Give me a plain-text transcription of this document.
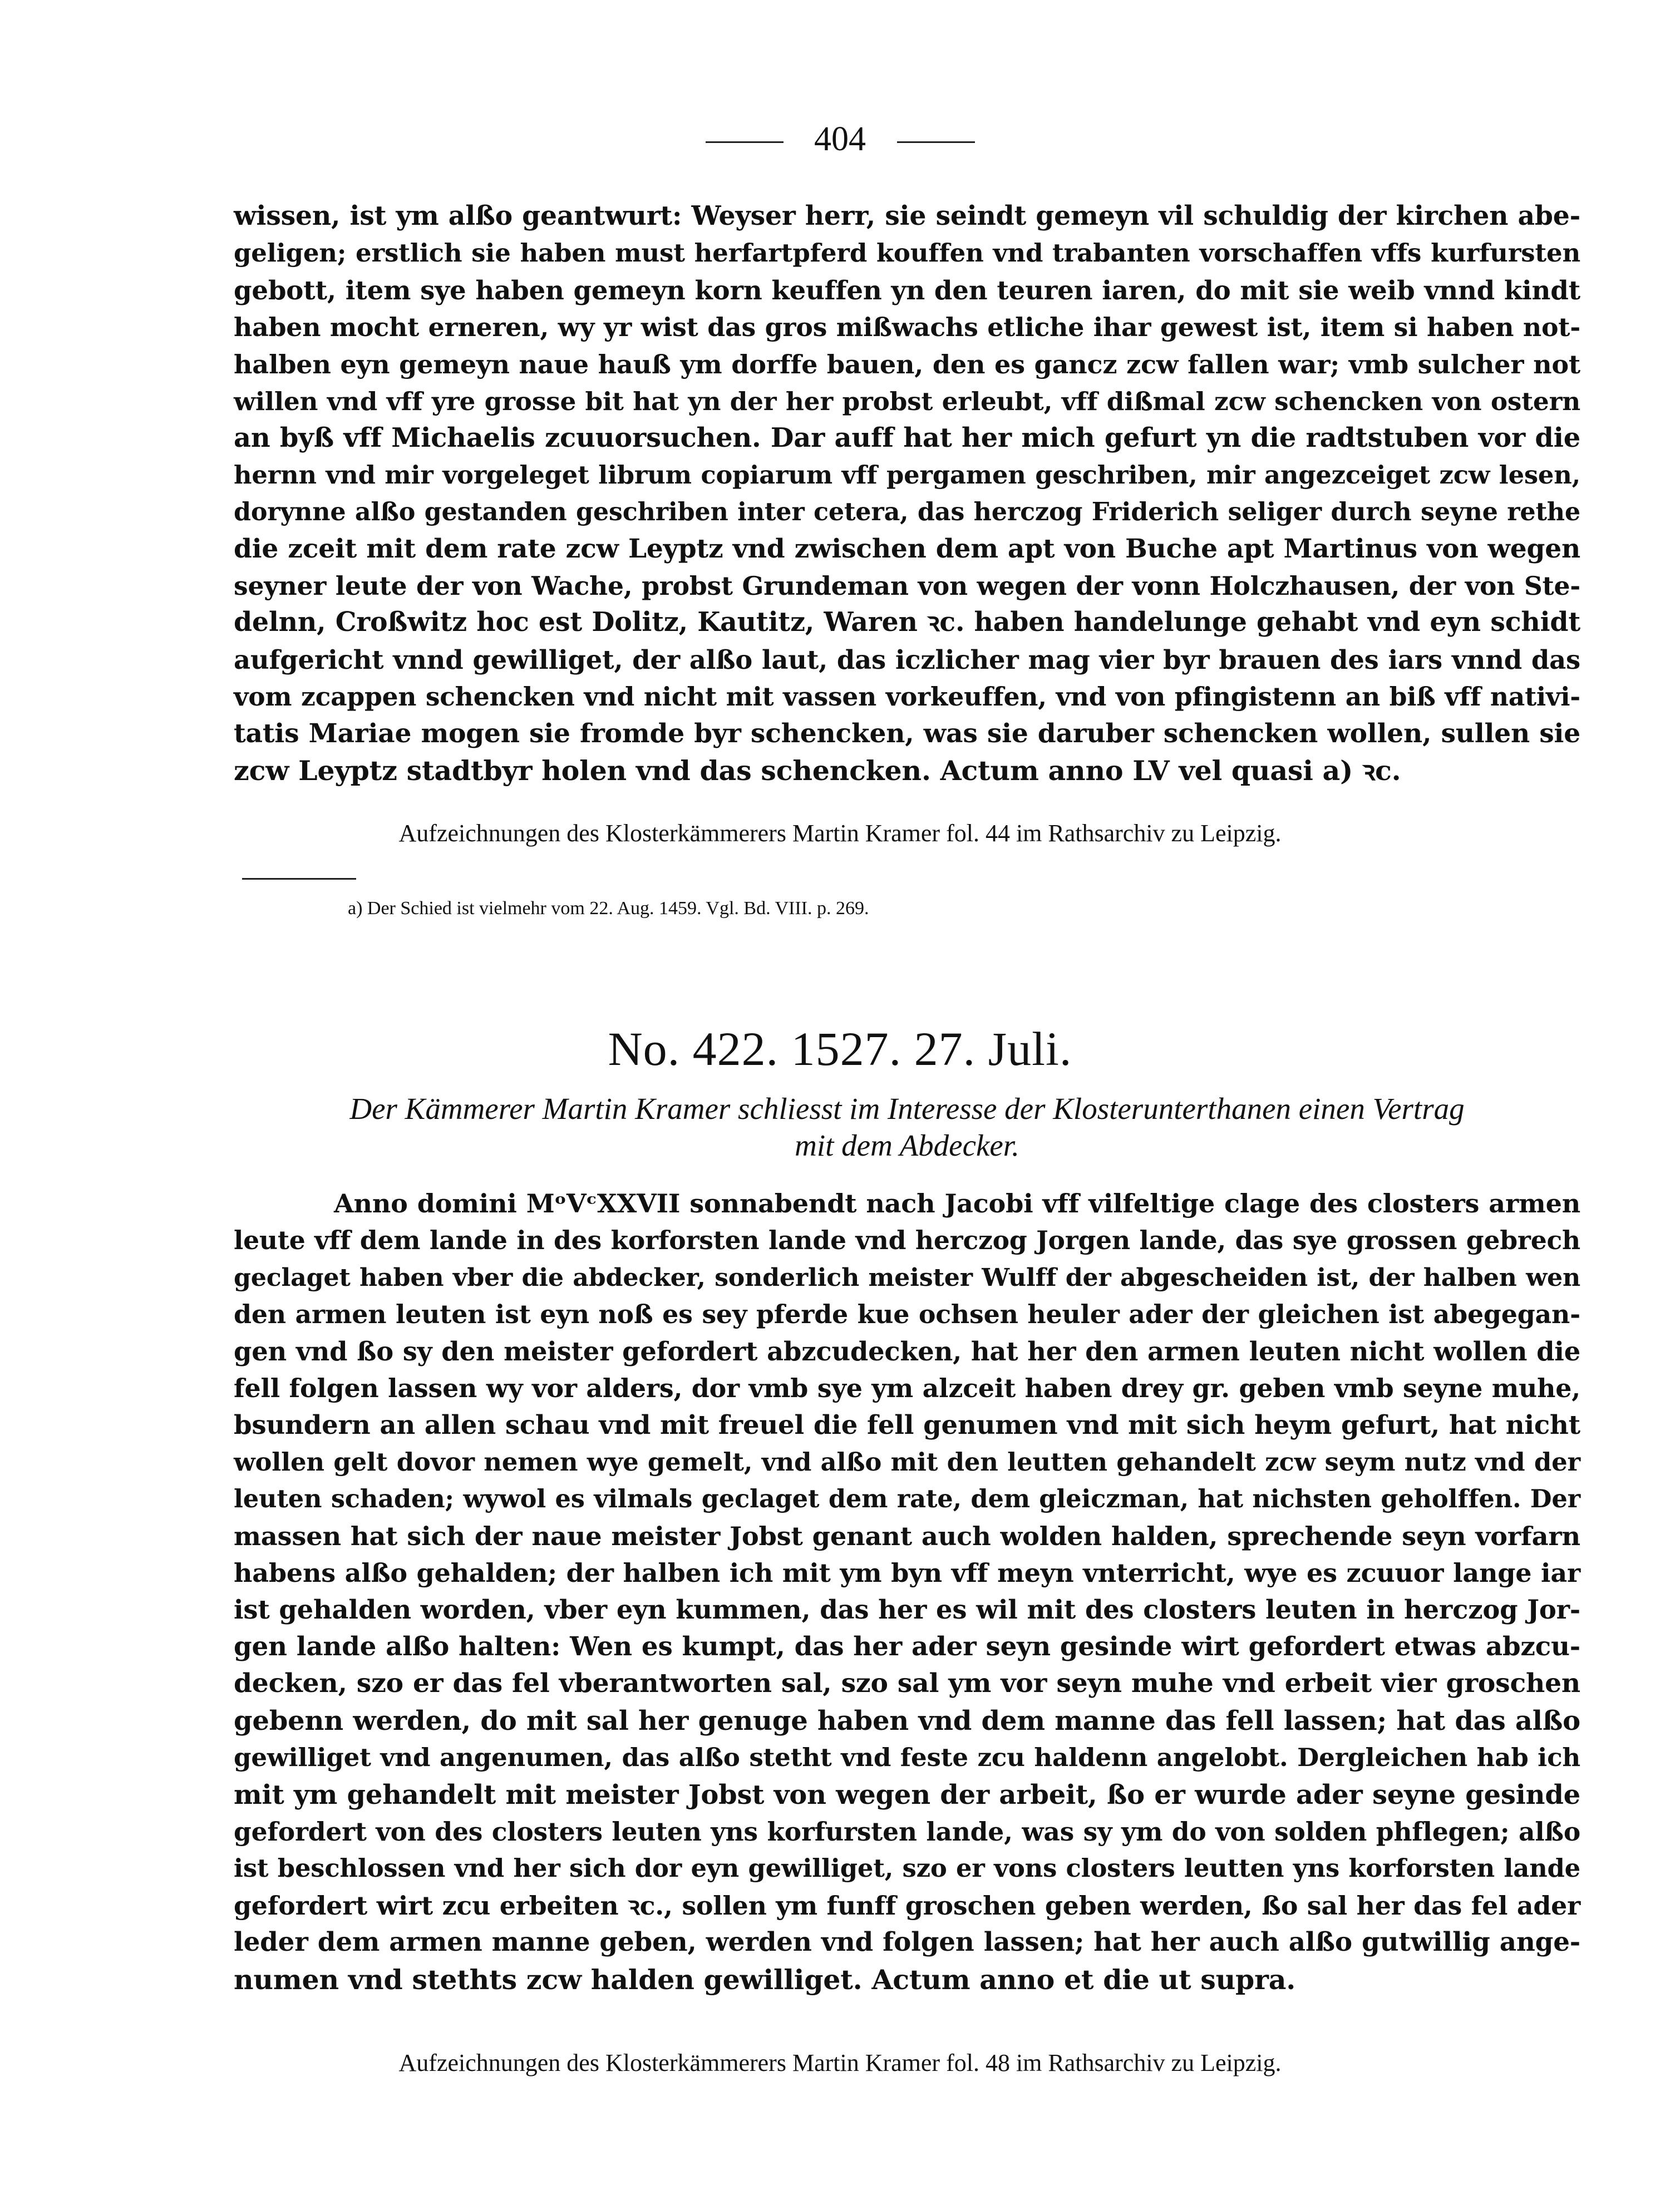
404
wissen, ist ym alßo geantwurt: Weyser herr, sie seindt gemeyn vil schuldig der kirchen abe-
geligen; erstlich sie haben must herfartpferd kouffen vnd trabanten vorschaffen vffs kurfursten
gebott, item sye haben gemeyn korn keuffen yn den teuren iaren, do mit sie weib vnnd kindt
haben mocht erneren, wy yr wist das gros mißwachs etliche ihar gewest ist, item si haben not-
halben eyn gemeyn naue hauß ym dorffe bauen, den es gancz zcw fallen war; vmb sulcher not
willen vnd vff yre grosse bit hat yn der her probst erleubt, vff dißmal zcw schencken von ostern
an byß vff Michaelis zcuuorsuchen. Dar auff hat her mich gefurt yn die radtstuben vor die
hernn vnd mir vorgeleget librum copiarum vff pergamen geschriben, mir angezceiget zcw lesen,
dorynne alßo gestanden geschriben inter cetera, das herczog Friderich seliger durch seyne rethe
die zceit mit dem rate zcw Leyptz vnd zwischen dem apt von Buche apt Martinus von wegen
seyner leute der von Wache, probst Grundeman von wegen der vonn Holczhausen, der von Ste-
delnn, Croßwitz hoc est Dolitz, Kautitz, Waren ꝛc. haben handelunge gehabt vnd eyn schidt
aufgericht vnnd gewilliget, der alßo laut, das iczlicher mag vier byr brauen des iars vnnd das
vom zcappen schencken vnd nicht mit vassen vorkeuffen, vnd von pfingistenn an biß vff nativi-
tatis Mariae mogen sie fromde byr schencken, was sie daruber schencken wollen, sullen sie
zcw Leyptz stadtbyr holen vnd das schencken. Actum anno LV vel quasi a) ꝛc.
Aufzeichnungen des Klosterkämmerers Martin Kramer fol. 44 im Rathsarchiv zu Leipzig.
a) Der Schied ist vielmehr vom 22. Aug. 1459. Vgl. Bd. VIII. p. 269.
No. 422. 1527. 27. Juli.
Der Kämmerer Martin Kramer schliesst im Interesse der Klosterunterthanen einen Vertrag
mit dem Abdecker.
Anno domini MᵒVᶜXXVII sonnabendt nach Jacobi vff vilfeltige clage des closters armen
leute vff dem lande in des korforsten lande vnd herczog Jorgen lande, das sye grossen gebrech
geclaget haben vber die abdecker, sonderlich meister Wulff der abgescheiden ist, der halben wen
den armen leuten ist eyn noß es sey pferde kue ochsen heuler ader der gleichen ist abegegan-
gen vnd ßo sy den meister gefordert abzcudecken, hat her den armen leuten nicht wollen die
fell folgen lassen wy vor alders, dor vmb sye ym alzceit haben drey gr. geben vmb seyne muhe,
bsundern an allen schau vnd mit freuel die fell genumen vnd mit sich heym gefurt, hat nicht
wollen gelt dovor nemen wye gemelt, vnd alßo mit den leutten gehandelt zcw seym nutz vnd der
leuten schaden; wywol es vilmals geclaget dem rate, dem gleiczman, hat nichsten geholffen. Der
massen hat sich der naue meister Jobst genant auch wolden halden, sprechende seyn vorfarn
habens alßo gehalden; der halben ich mit ym byn vff meyn vnterricht, wye es zcuuor lange iar
ist gehalden worden, vber eyn kummen, das her es wil mit des closters leuten in herczog Jor-
gen lande alßo halten: Wen es kumpt, das her ader seyn gesinde wirt gefordert etwas abzcu-
decken, szo er das fel vberantworten sal, szo sal ym vor seyn muhe vnd erbeit vier groschen
gebenn werden, do mit sal her genuge haben vnd dem manne das fell lassen; hat das alßo
gewilliget vnd angenumen, das alßo stetht vnd feste zcu haldenn angelobt. Dergleichen hab ich
mit ym gehandelt mit meister Jobst von wegen der arbeit, ßo er wurde ader seyne gesinde
gefordert von des closters leuten yns korfursten lande, was sy ym do von solden phflegen; alßo
ist beschlossen vnd her sich dor eyn gewilliget, szo er vons closters leutten yns korforsten lande
gefordert wirt zcu erbeiten ꝛc., sollen ym funff groschen geben werden, ßo sal her das fel ader
leder dem armen manne geben, werden vnd folgen lassen; hat her auch alßo gutwillig ange-
numen vnd stethts zcw halden gewilliget. Actum anno et die ut supra.
Aufzeichnungen des Klosterkämmerers Martin Kramer fol. 48 im Rathsarchiv zu Leipzig.
